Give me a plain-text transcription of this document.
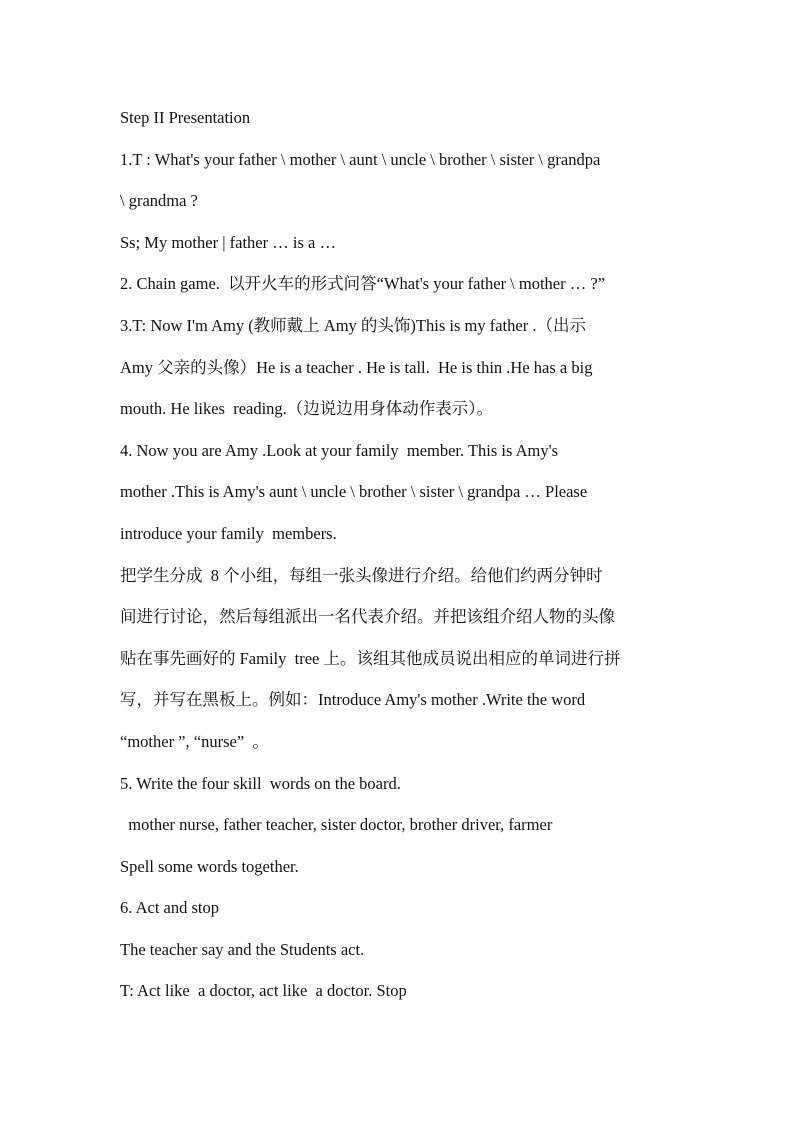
Step II Presentation
1.T : What's your father \ mother \ aunt \ uncle \ brother \ sister \ grandpa
\ grandma ?
Ss; My mother | father … is a …
2. Chain game.  以开火车的形式问答“What's your father \ mother … ?”
3.T: Now I'm Amy (教师戴上 Amy 的头饰)This is my father .（出示
Amy 父亲的头像）He is a teacher . He is tall.  He is thin .He has a big
mouth. He likes  reading.（边说边用身体动作表示）。
4. Now you are Amy .Look at your family  member. This is Amy's
mother .This is Amy's aunt \ uncle \ brother \ sister \ grandpa … Please
introduce your family  members.
把学生分成  8 个小组，每组一张头像进行介绍。给他们约两分钟时
间进行讨论，然后每组派出一名代表介绍。并把该组介绍人物的头像
贴在事先画好的 Family  tree 上。该组其他成员说出相应的单词进行拼
写，并写在黑板上。例如：Introduce Amy's mother .Write the word
“mother ”, “nurse”  。
5. Write the four skill  words on the board.
mother nurse, father teacher, sister doctor, brother driver, farmer
Spell some words together.
6. Act and stop
The teacher say and the Students act.
T: Act like  a doctor, act like  a doctor. Stop
